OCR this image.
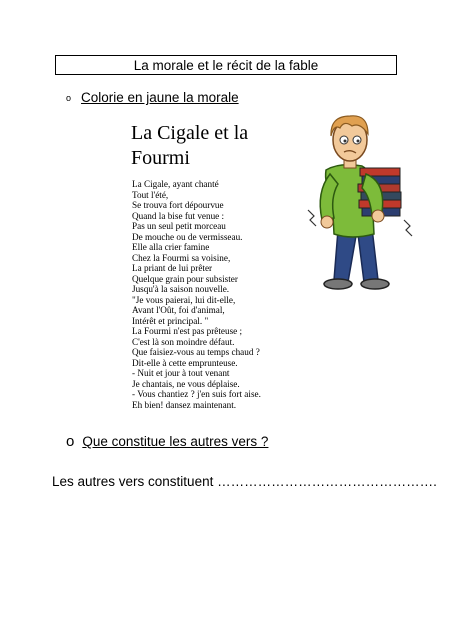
La morale et le récit de la fable
o Colorie en jaune la morale
La Cigale et la
Fourmi
La Cigale, ayant chanté
Tout l'été,
Se trouva fort dépourvue
Quand la bise fut venue :
Pas un seul petit morceau
De mouche ou de vermisseau.
Elle alla crier famine
Chez la Fourmi sa voisine,
La priant de lui prêter
Quelque grain pour subsister
Jusqu'à la saison nouvelle.
"Je vous paierai, lui dit-elle,
Avant l'Oût, foi d'animal,
Intérêt et principal. "
La Fourmi n'est pas prêteuse ;
C'est là son moindre défaut.
Que faisiez-vous au temps chaud ?
Dit-elle à cette emprunteuse.
- Nuit et jour à tout venant
Je chantais, ne vous déplaise.
- Vous chantiez ? j'en suis fort aise.
Eh bien! dansez maintenant.
o Que constitue les autres vers ?
Les autres vers constituent ………………………………………….
